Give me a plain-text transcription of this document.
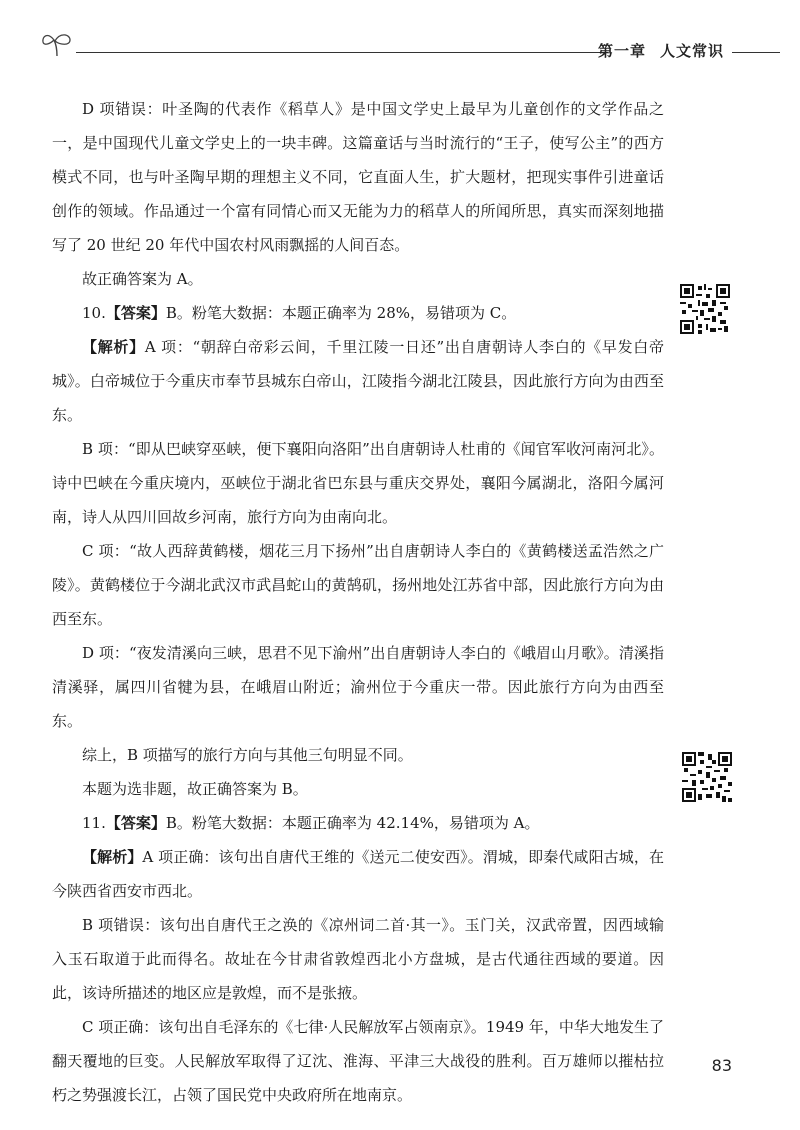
第一章 人文常识

D 项错误：叶圣陶的代表作《稻草人》是中国文学史上最早为儿童创作的文学作品之一，是中国现代儿童文学史上的一块丰碑。这篇童话与当时流行的“王子，使写公主”的西方模式不同，也与叶圣陶早期的理想主义不同，它直面人生，扩大题材，把现实事件引进童话创作的领域。作品通过一个富有同情心而又无能为力的稻草人的所闻所思，真实而深刻地描写了 20 世纪 20 年代中国农村风雨飘摇的人间百态。

故正确答案为 A。

10.【答案】B。粉笔大数据：本题正确率为 28%，易错项为 C。

【解析】A 项：“朝辞白帝彩云间，千里江陵一日还”出自唐朝诗人李白的《早发白帝城》。白帝城位于今重庆市奉节县城东白帝山，江陵指今湖北江陵县，因此旅行方向为由西至东。

B 项：“即从巴峡穿巫峡，便下襄阳向洛阳”出自唐朝诗人杜甫的《闻官军收河南河北》。诗中巴峡在今重庆境内，巫峡位于湖北省巴东县与重庆交界处，襄阳今属湖北，洛阳今属河南，诗人从四川回故乡河南，旅行方向为由南向北。

C 项：“故人西辞黄鹤楼，烟花三月下扬州”出自唐朝诗人李白的《黄鹤楼送孟浩然之广陵》。黄鹤楼位于今湖北武汉市武昌蛇山的黄鹄矶，扬州地处江苏省中部，因此旅行方向为由西至东。

D 项：“夜发清溪向三峡，思君不见下渝州”出自唐朝诗人李白的《峨眉山月歌》。清溪指清溪驿，属四川省犍为县，在峨眉山附近；渝州位于今重庆一带。因此旅行方向为由西至东。

综上，B 项描写的旅行方向与其他三句明显不同。

本题为选非题，故正确答案为 B。

11.【答案】B。粉笔大数据：本题正确率为 42.14%，易错项为 A。

【解析】A 项正确：该句出自唐代王维的《送元二使安西》。渭城，即秦代咸阳古城，在今陕西省西安市西北。

B 项错误：该句出自唐代王之涣的《凉州词二首·其一》。玉门关，汉武帝置，因西域输入玉石取道于此而得名。故址在今甘肃省敦煌西北小方盘城，是古代通往西域的要道。因此，该诗所描述的地区应是敦煌，而不是张掖。

C 项正确：该句出自毛泽东的《七律·人民解放军占领南京》。1949 年，中华大地发生了翻天覆地的巨变。人民解放军取得了辽沈、淮海、平津三大战役的胜利。百万雄师以摧枯拉朽之势强渡长江，占领了国民党中央政府所在地南京。

83
